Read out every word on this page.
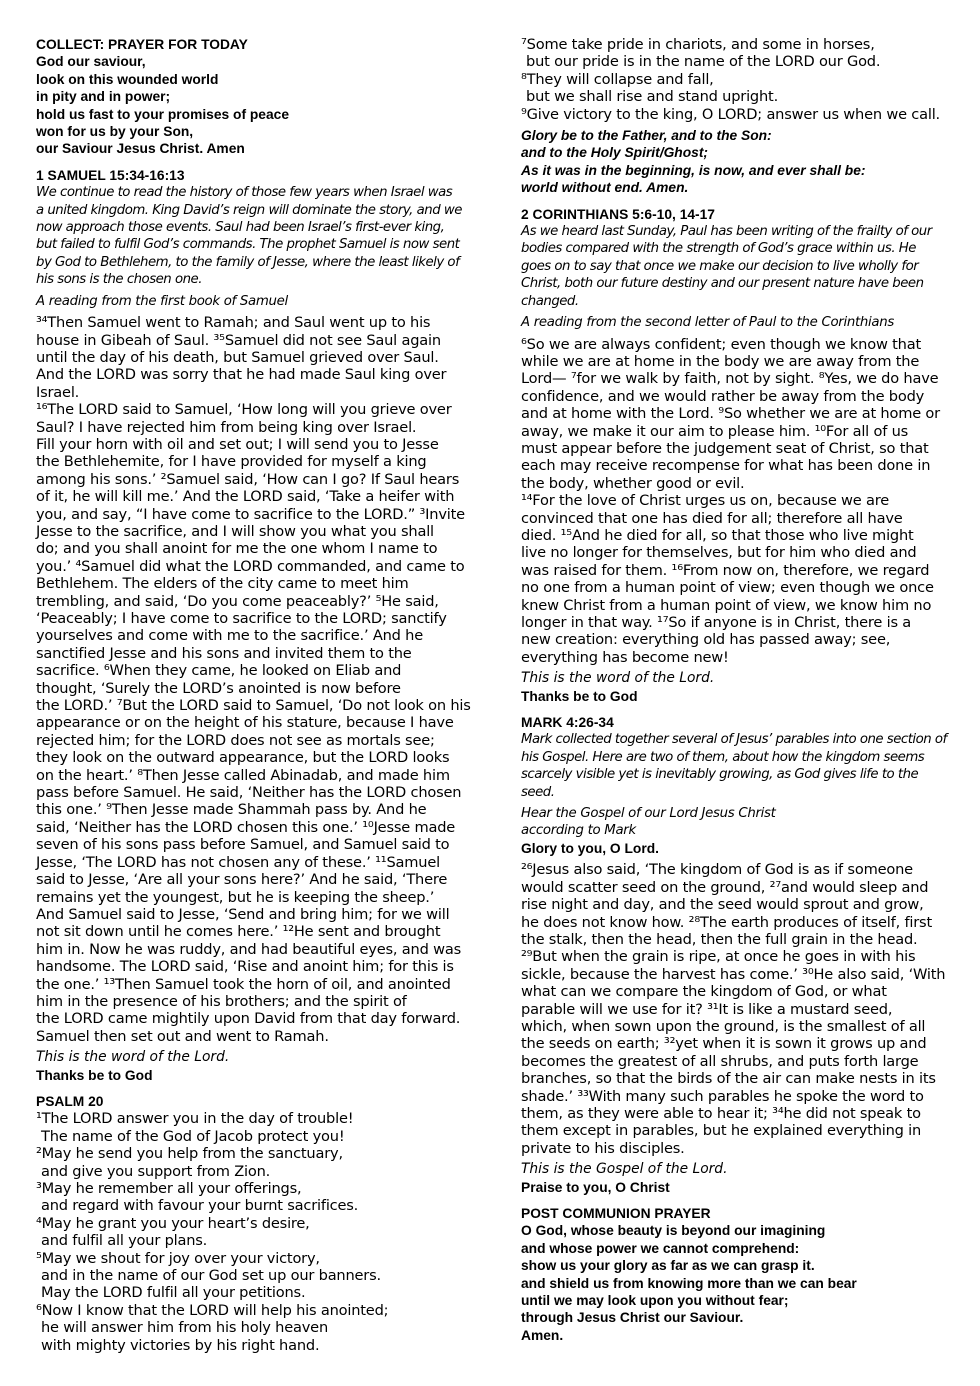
COLLECT: PRAYER FOR TODAY
God our saviour,
look on this wounded world
in pity and in power;
hold us fast to your promises of peace
won for us by your Son,
our Saviour Jesus Christ. Amen
1 SAMUEL 15:34-16:13
We continue to read the history of those few years when Israel was a united kingdom. King David’s reign will dominate the story, and we now approach those events. Saul had been Israel’s first-ever king, but failed to fulfil God’s commands. The prophet Samuel is now sent by God to Bethlehem, to the family of Jesse, where the least likely of his sons is the chosen one.
A reading from the first book of Samuel
³⁴Then Samuel went to Ramah; and Saul went up to his
house in Gibeah of Saul. ³⁵Samuel did not see Saul again
until the day of his death, but Samuel grieved over Saul.
And the LORD was sorry that he had made Saul king over
Israel.
¹⁶The LORD said to Samuel, ‘How long will you grieve over
Saul? I have rejected him from being king over Israel.
Fill your horn with oil and set out; I will send you to Jesse
the Bethlehemite, for I have provided for myself a king
among his sons.’ ²Samuel said, ‘How can I go? If Saul hears
of it, he will kill me.’ And the LORD said, ‘Take a heifer with
you, and say, “I have come to sacrifice to the LORD.” ³Invite
Jesse to the sacrifice, and I will show you what you shall
do; and you shall anoint for me the one whom I name to
you.’ ⁴Samuel did what the LORD commanded, and came to
Bethlehem. The elders of the city came to meet him
trembling, and said, ‘Do you come peaceably?’ ⁵He said,
‘Peaceably; I have come to sacrifice to the LORD; sanctify
yourselves and come with me to the sacrifice.’ And he
sanctified Jesse and his sons and invited them to the
sacrifice. ⁶When they came, he looked on Eliab and
thought, ‘Surely the LORD’s anointed is now before
the LORD.’ ⁷But the LORD said to Samuel, ‘Do not look on his
appearance or on the height of his stature, because I have
rejected him; for the LORD does not see as mortals see;
they look on the outward appearance, but the LORD looks
on the heart.’ ⁸Then Jesse called Abinadab, and made him
pass before Samuel. He said, ‘Neither has the LORD chosen
this one.’ ⁹Then Jesse made Shammah pass by. And he
said, ‘Neither has the LORD chosen this one.’ ¹⁰Jesse made
seven of his sons pass before Samuel, and Samuel said to
Jesse, ‘The LORD has not chosen any of these.’ ¹¹Samuel
said to Jesse, ‘Are all your sons here?’ And he said, ‘There
remains yet the youngest, but he is keeping the sheep.’
And Samuel said to Jesse, ‘Send and bring him; for we will
not sit down until he comes here.’ ¹²He sent and brought
him in. Now he was ruddy, and had beautiful eyes, and was
handsome. The LORD said, ‘Rise and anoint him; for this is
the one.’ ¹³Then Samuel took the horn of oil, and anointed
him in the presence of his brothers; and the spirit of
the LORD came mightily upon David from that day forward.
Samuel then set out and went to Ramah.
This is the word of the Lord.
Thanks be to God
PSALM 20
¹The LORD answer you in the day of trouble!
The name of the God of Jacob protect you!
²May he send you help from the sanctuary,
and give you support from Zion.
³May he remember all your offerings,
and regard with favour your burnt sacrifices.
⁴May he grant you your heart’s desire,
and fulfil all your plans.
⁵May we shout for joy over your victory,
and in the name of our God set up our banners.
May the LORD fulfil all your petitions.
⁶Now I know that the LORD will help his anointed;
he will answer him from his holy heaven
with mighty victories by his right hand.
⁷Some take pride in chariots, and some in horses,
but our pride is in the name of the LORD our God.
⁸They will collapse and fall,
but we shall rise and stand upright.
⁹Give victory to the king, O LORD; answer us when we call.
Glory be to the Father, and to the Son:
and to the Holy Spirit/Ghost;
As it was in the beginning, is now, and ever shall be:
world without end. Amen.
2 CORINTHIANS 5:6-10, 14-17
As we heard last Sunday, Paul has been writing of the frailty of our bodies compared with the strength of God’s grace within us. He goes on to say that once we make our decision to live wholly for Christ, both our future destiny and our present nature have been changed.
A reading from the second letter of Paul to the Corinthians
⁶So we are always confident; even though we know that
while we are at home in the body we are away from the
Lord— ⁷for we walk by faith, not by sight. ⁸Yes, we do have
confidence, and we would rather be away from the body
and at home with the Lord. ⁹So whether we are at home or
away, we make it our aim to please him. ¹⁰For all of us
must appear before the judgement seat of Christ, so that
each may receive recompense for what has been done in
the body, whether good or evil.
¹⁴For the love of Christ urges us on, because we are
convinced that one has died for all; therefore all have
died. ¹⁵And he died for all, so that those who live might
live no longer for themselves, but for him who died and
was raised for them. ¹⁶From now on, therefore, we regard
no one from a human point of view; even though we once
knew Christ from a human point of view, we know him no
longer in that way. ¹⁷So if anyone is in Christ, there is a
new creation: everything old has passed away; see,
everything has become new!
This is the word of the Lord.
Thanks be to God
MARK 4:26-34
Mark collected together several of Jesus’ parables into one section of his Gospel. Here are two of them, about how the kingdom seems scarcely visible yet is inevitably growing, as God gives life to the seed.
Hear the Gospel of our Lord Jesus Christ
according to Mark
Glory to you, O Lord.
²⁶Jesus also said, ‘The kingdom of God is as if someone
would scatter seed on the ground, ²⁷and would sleep and
rise night and day, and the seed would sprout and grow,
he does not know how. ²⁸The earth produces of itself, first
the stalk, then the head, then the full grain in the head.
²⁹But when the grain is ripe, at once he goes in with his
sickle, because the harvest has come.’ ³⁰He also said, ‘With
what can we compare the kingdom of God, or what
parable will we use for it? ³¹It is like a mustard seed,
which, when sown upon the ground, is the smallest of all
the seeds on earth; ³²yet when it is sown it grows up and
becomes the greatest of all shrubs, and puts forth large
branches, so that the birds of the air can make nests in its
shade.’ ³³With many such parables he spoke the word to
them, as they were able to hear it; ³⁴he did not speak to
them except in parables, but he explained everything in
private to his disciples.
This is the Gospel of the Lord.
Praise to you, O Christ
POST COMMUNION PRAYER
O God, whose beauty is beyond our imagining
and whose power we cannot comprehend:
show us your glory as far as we can grasp it.
and shield us from knowing more than we can bear
until we may look upon you without fear;
through Jesus Christ our Saviour.
Amen.
